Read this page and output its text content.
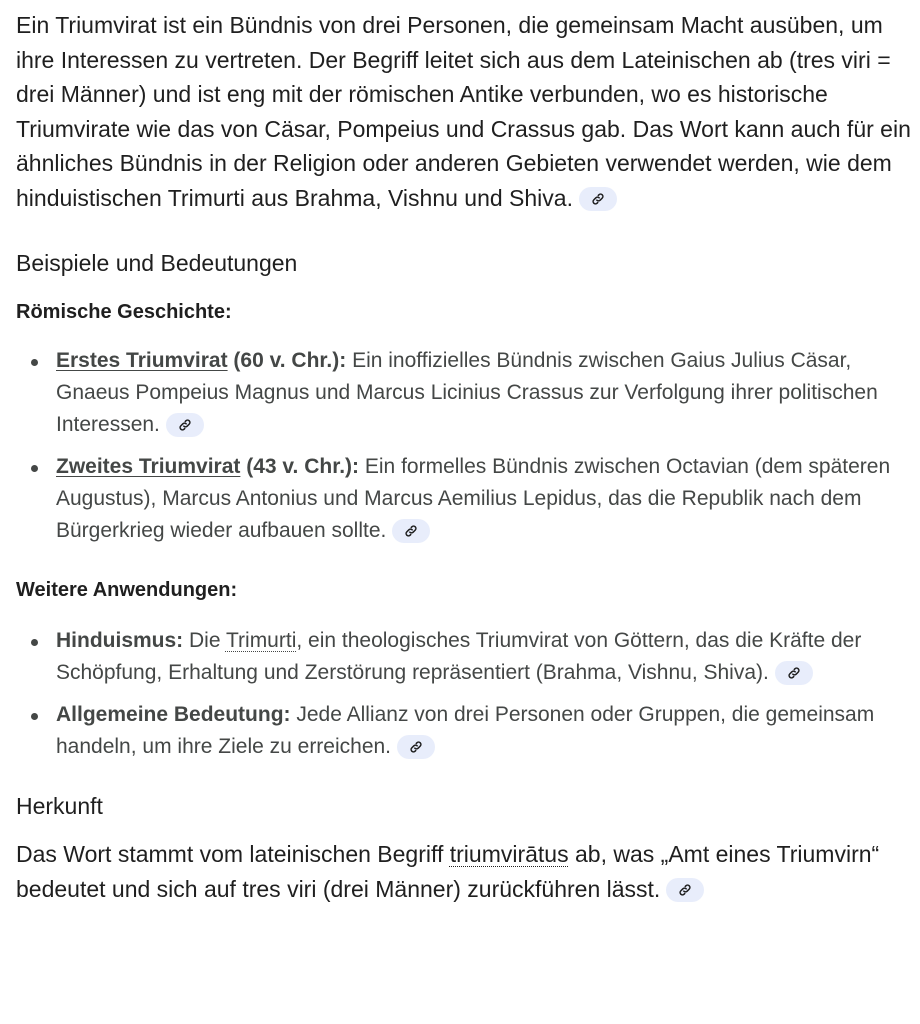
Ein Triumvirat ist ein Bündnis von drei Personen, die gemeinsam Macht ausüben, um ihre Interessen zu vertreten. Der Begriff leitet sich aus dem Lateinischen ab (tres viri = drei Männer) und ist eng mit der römischen Antike verbunden, wo es historische Triumvirate wie das von Cäsar, Pompeius und Crassus gab. Das Wort kann auch für ein ähnliches Bündnis in der Religion oder anderen Gebieten verwendet werden, wie dem hinduistischen Trimurti aus Brahma, Vishnu und Shiva.

Beispiele und Bedeutungen
Römische Geschichte:
Erstes Triumvirat (60 v. Chr.): Ein inoffizielles Bündnis zwischen Gaius Julius Cäsar, Gnaeus Pompeius Magnus und Marcus Licinius Crassus zur Verfolgung ihrer politischen Interessen.
Zweites Triumvirat (43 v. Chr.): Ein formelles Bündnis zwischen Octavian (dem späteren Augustus), Marcus Antonius und Marcus Aemilius Lepidus, das die Republik nach dem Bürgerkrieg wieder aufbauen sollte.
Weitere Anwendungen:
Hinduismus: Die Trimurti, ein theologisches Triumvirat von Göttern, das die Kräfte der Schöpfung, Erhaltung und Zerstörung repräsentiert (Brahma, Vishnu, Shiva).
Allgemeine Bedeutung: Jede Allianz von drei Personen oder Gruppen, die gemeinsam handeln, um ihre Ziele zu erreichen.
Herkunft

Das Wort stammt vom lateinischen Begriff triumvirātus ab, was „Amt eines Triumvirn“ bedeutet und sich auf tres viri (drei Männer) zurückführen lässt.
